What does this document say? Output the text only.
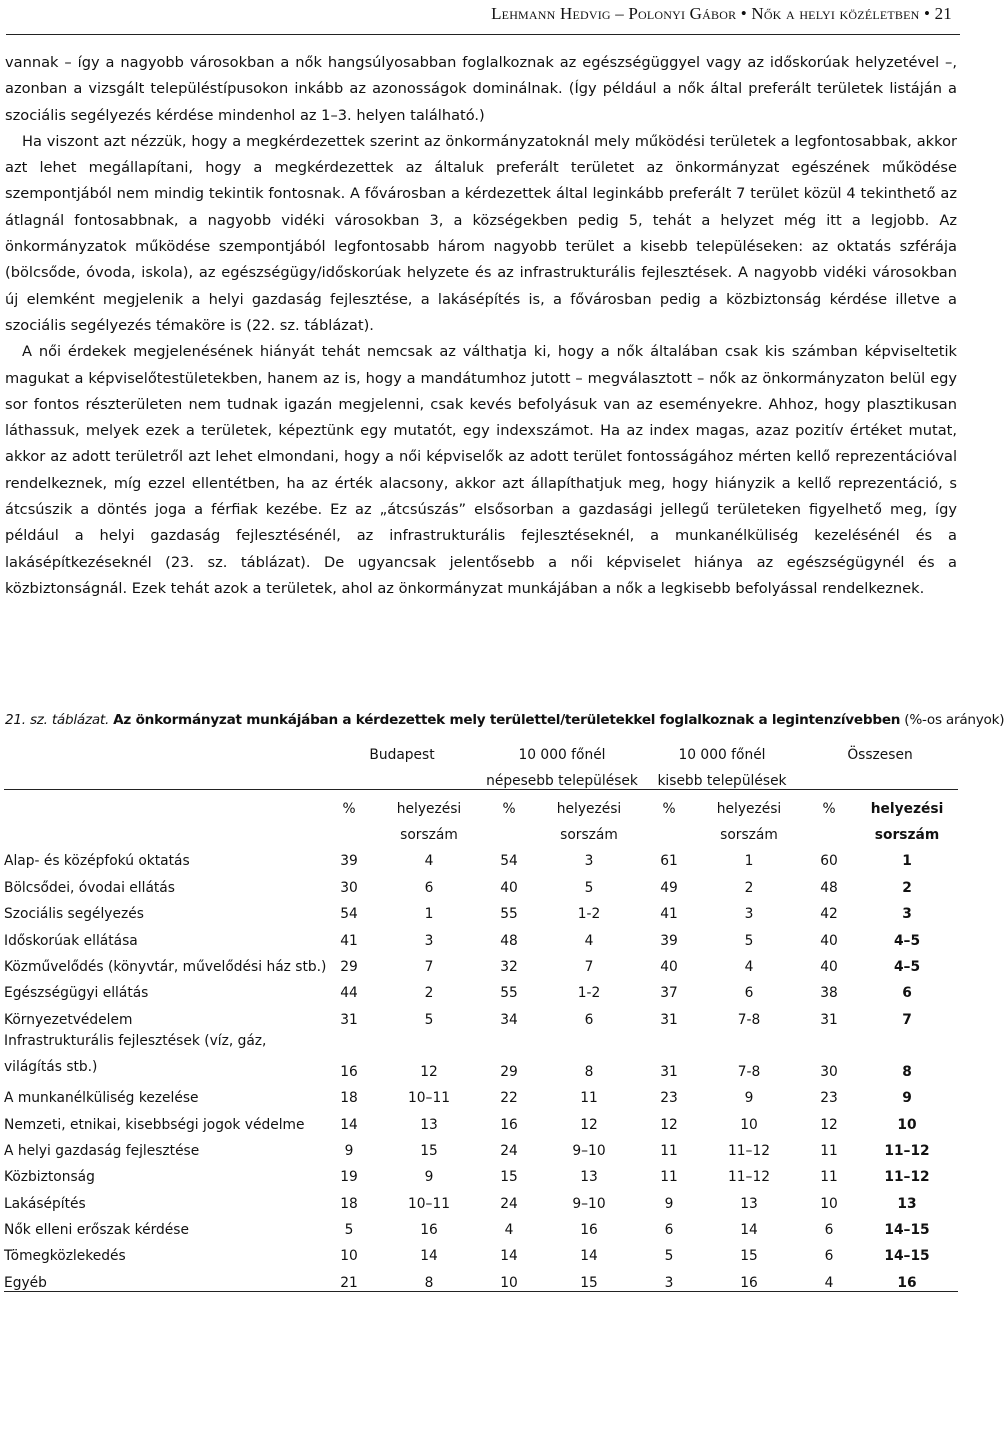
Lehmann Hedvig – Polonyi Gábor • Nők a helyi közéletben • 21

vannak – így a nagyobb városokban a nők hangsúlyosabban foglalkoznak az egészségüggyel vagy az időskorúak helyzetével –, azonban a vizsgált településtípusokon inkább az azonosságok dominálnak. (Így például a nők által preferált területek listáján a szociális segélyezés kérdése mindenhol az 1–3. helyen található.)

Ha viszont azt nézzük, hogy a megkérdezettek szerint az önkormányzatoknál mely működési területek a legfontosabbak, akkor azt lehet megállapítani, hogy a megkérdezettek az általuk preferált területet az önkormányzat egészének működése szempontjából nem mindig tekintik fontosnak. A fővárosban a kérdezettek által leginkább preferált 7 terület közül 4 tekinthető az átlagnál fontosabbnak, a nagyobb vidéki városokban 3, a községekben pedig 5, tehát a helyzet még itt a legjobb. Az önkormányzatok működése szempontjából legfontosabb három nagyobb terület a kisebb településeken: az oktatás szférája (bölcsőde, óvoda, iskola), az egészségügy/időskorúak helyzete és az infrastrukturális fejlesztések. A nagyobb vidéki városokban új elemként megjelenik a helyi gazdaság fejlesztése, a lakásépítés is, a fővárosban pedig a közbiztonság kérdése illetve a szociális segélyezés témaköre is (22. sz. táblázat).

A női érdekek megjelenésének hiányát tehát nemcsak az válthatja ki, hogy a nők általában csak kis számban képviseltetik magukat a képviselőtestületekben, hanem az is, hogy a mandátumhoz jutott – megválasztott – nők az önkormányzaton belül egy sor fontos részterületen nem tudnak igazán megjelenni, csak kevés befolyásuk van az eseményekre. Ahhoz, hogy plasztikusan láthassuk, melyek ezek a területek, képeztünk egy mutatót, egy indexszámot. Ha az index magas, azaz pozitív értéket mutat, akkor az adott területről azt lehet elmondani, hogy a női képviselők az adott terület fontosságához mérten kellő reprezentációval rendelkeznek, míg ezzel ellentétben, ha az érték alacsony, akkor azt állapíthatjuk meg, hogy hiányzik a kellő reprezentáció, s átcsúszik a döntés joga a férfiak kezébe. Ez az „átcsúszás” elsősorban a gazdasági jellegű területeken figyelhető meg, így például a helyi gazdaság fejlesztésénél, az infrastrukturális fejlesztéseknél, a munkanélküliség kezelésénél és a lakásépítkezéseknél (23. sz. táblázat). De ugyancsak jelentősebb a női képviselet hiánya az egészségügynél és a közbiztonságnál. Ezek tehát azok a területek, ahol az önkormányzat munkájában a nők a legkisebb befolyással rendelkeznek.

21. sz. táblázat. Az önkormányzat munkájában a kérdezettek mely területtel/területekkel foglalkoznak a legintenzívebben (%-os arányok)
	Budapest		10 000 főnél		10 000 főnél		Összesen	
			népesebb települések		kisebb települések			
	%	helyezési	%	helyezési	%	helyezési	%	helyezési
		sorszám		sorszám		sorszám		sorszám
Alap- és középfokú oktatás	39	4	54	3	61	1	60	1
Bölcsődei, óvodai ellátás	30	6	40	5	49	2	48	2
Szociális segélyezés	54	1	55	1-2	41	3	42	3
Időskorúak ellátása	41	3	48	4	39	5	40	4–5
Közművelődés (könyvtár, művelődési ház stb.)	29	7	32	7	40	4	40	4–5
Egészségügyi ellátás	44	2	55	1-2	37	6	38	6
Környezetvédelem	31	5	34	6	31	7-8	31	7
Infrastrukturális fejlesztések (víz, gáz, világítás stb.)	16	12	29	8	31	7-8	30	8
A munkanélküliség kezelése	18	10–11	22	11	23	9	23	9
Nemzeti, etnikai, kisebbségi jogok védelme	14	13	16	12	12	10	12	10
A helyi gazdaság fejlesztése	9	15	24	9–10	11	11–12	11	11–12
Közbiztonság	19	9	15	13	11	11–12	11	11–12
Lakásépítés	18	10–11	24	9–10	9	13	10	13
Nők elleni erőszak kérdése	5	16	4	16	6	14	6	14–15
Tömegközlekedés	10	14	14	14	5	15	6	14–15
Egyéb	21	8	10	15	3	16	4	16
